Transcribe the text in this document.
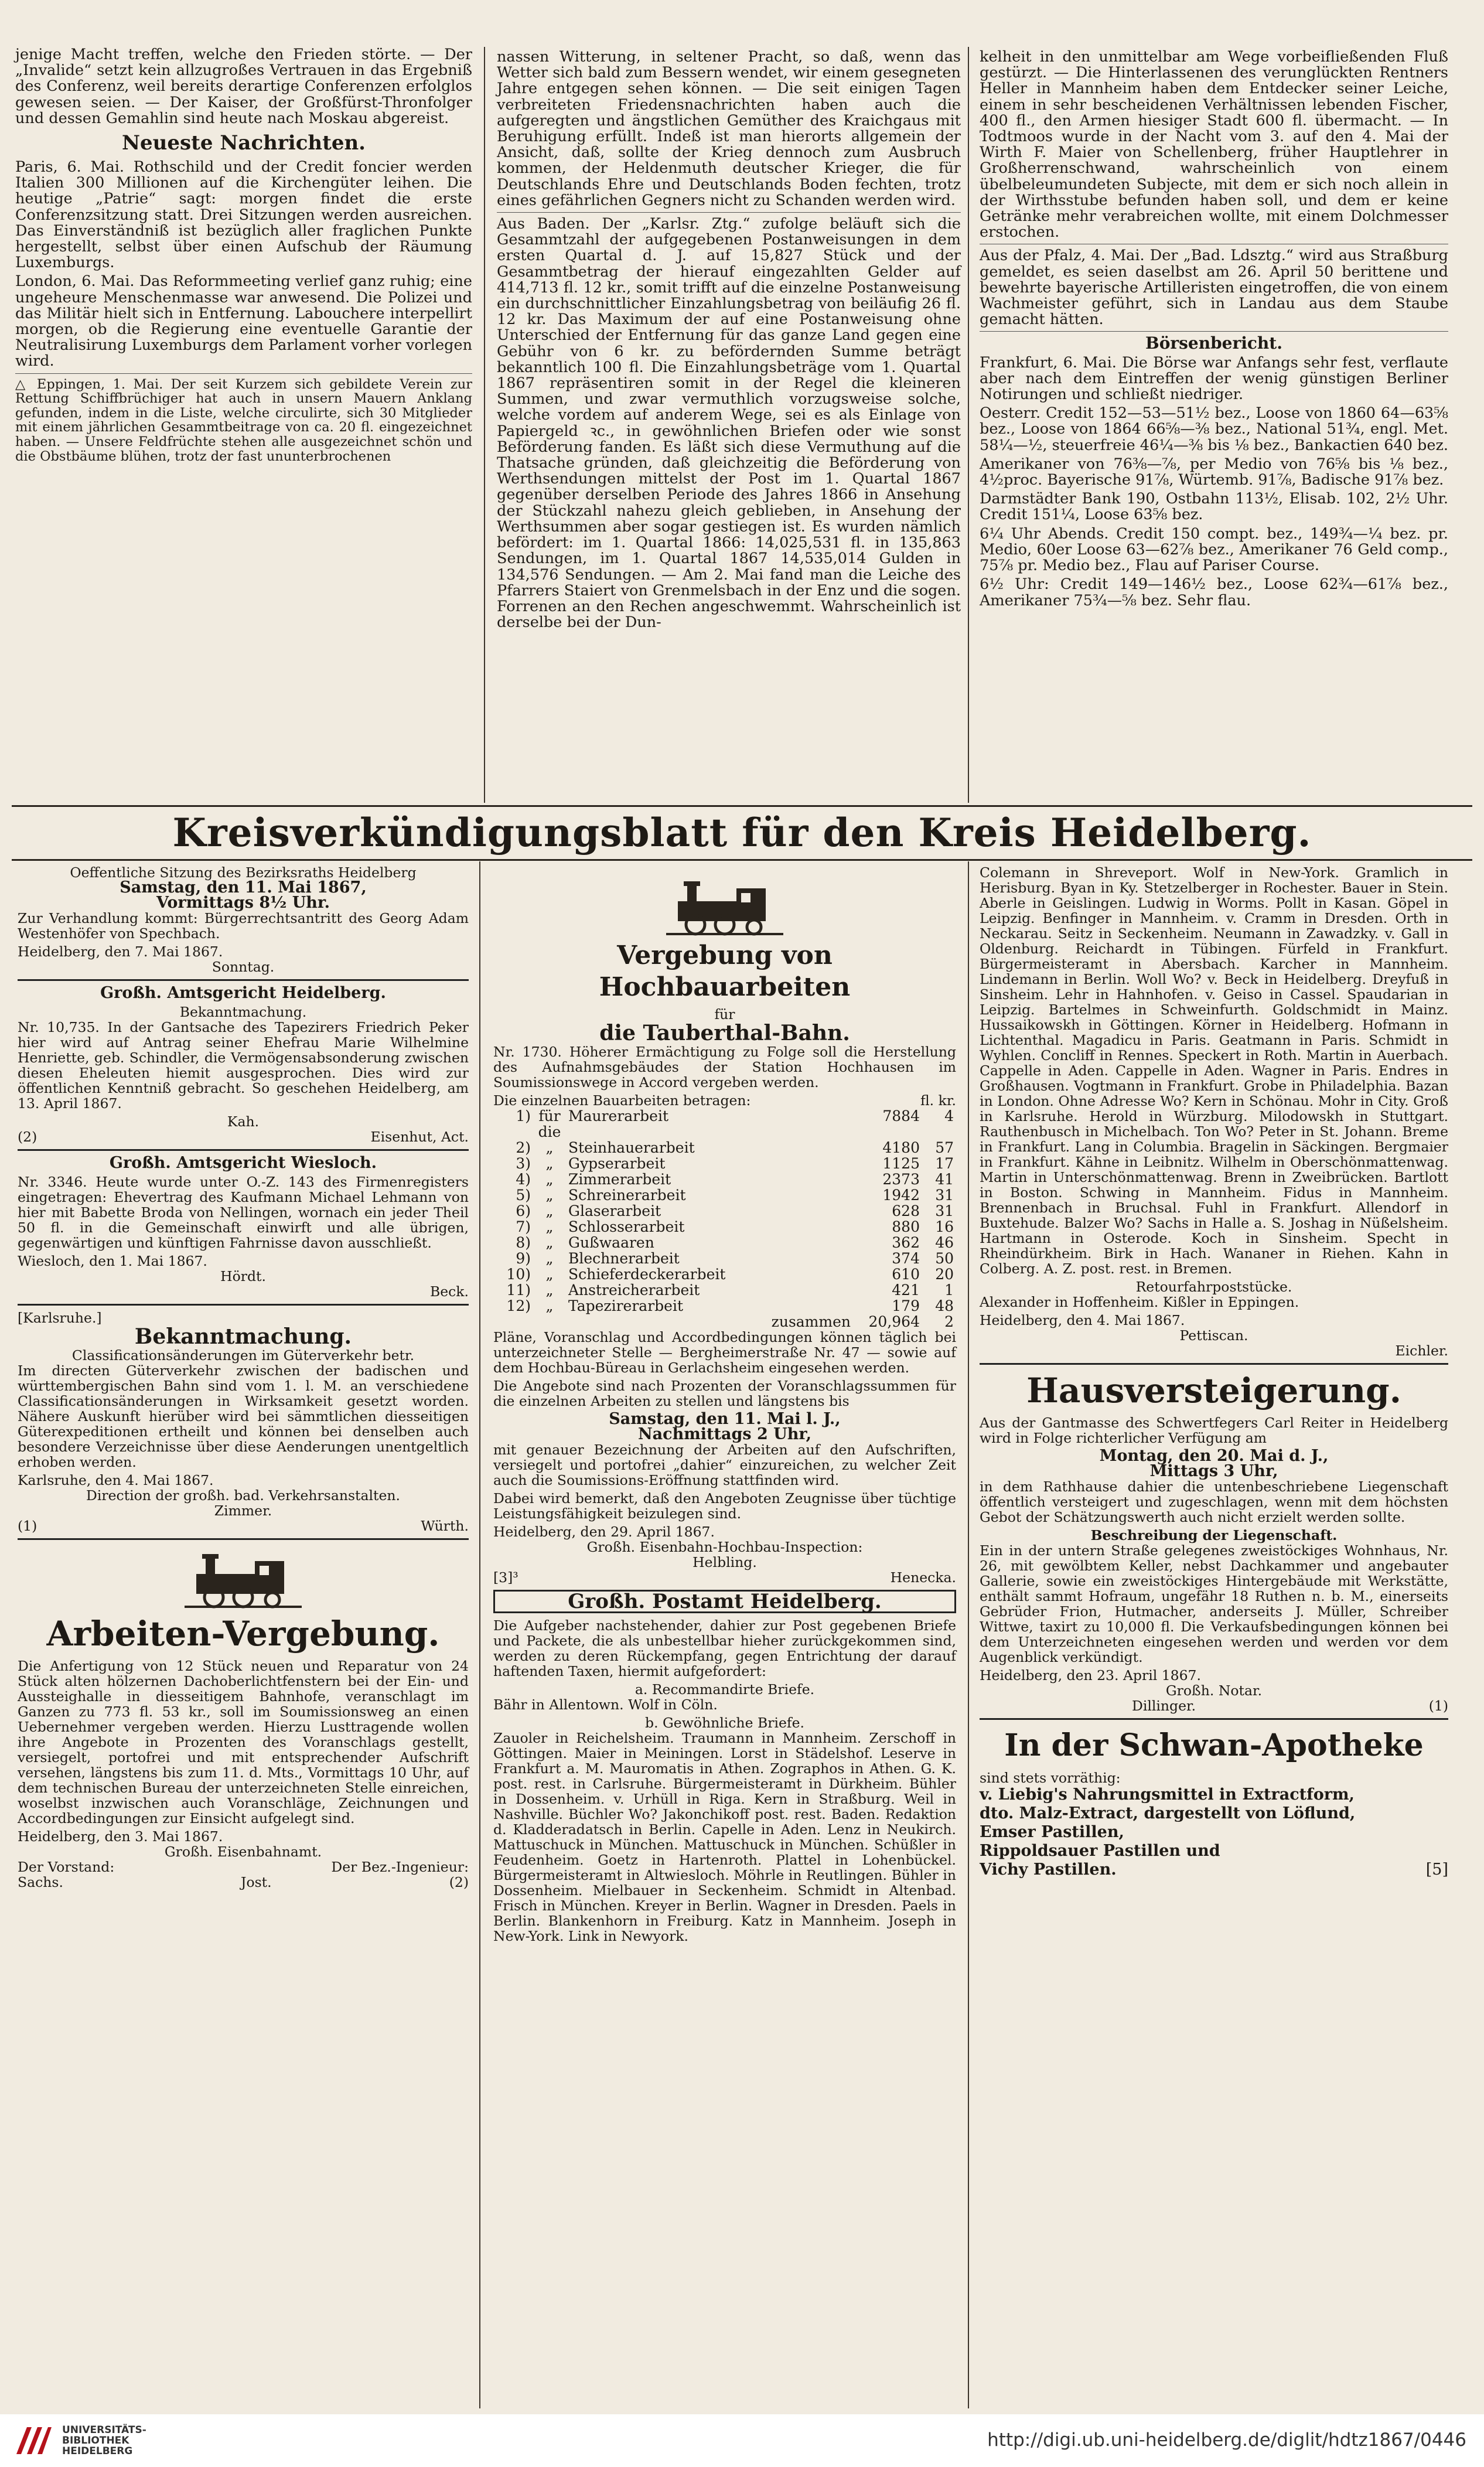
jenige Macht treffen, welche den Frieden störte. — Der „Invalide“ setzt kein allzugroßes Vertrauen in das Ergebniß des Conferenz, weil bereits derartige Conferenzen erfolglos gewesen seien. — Der Kaiser, der Großfürst-Thronfolger und dessen Gemahlin sind heute nach Moskau abgereist.

Neueste Nachrichten.

Paris, 6. Mai. Rothschild und der Credit foncier werden Italien 300 Millionen auf die Kirchengüter leihen. Die heutige „Patrie“ sagt: morgen findet die erste Conferenzsitzung statt. Drei Sitzungen werden ausreichen. Das Einverständniß ist bezüglich aller fraglichen Punkte hergestellt, selbst über einen Aufschub der Räumung Luxemburgs.

London, 6. Mai. Das Reformmeeting verlief ganz ruhig; eine ungeheure Menschenmasse war anwesend. Die Polizei und das Militär hielt sich in Entfernung. Labouchere interpellirt morgen, ob die Regierung eine eventuelle Garantie der Neutralisirung Luxemburgs dem Parlament vorher vorlegen wird.

△ Eppingen, 1. Mai. Der seit Kurzem sich gebildete Verein zur Rettung Schiffbrüchiger hat auch in unsern Mauern Anklang gefunden, indem in die Liste, welche circulirte, sich 30 Mitglieder mit einem jährlichen Gesammtbeitrage von ca. 20 fl. eingezeichnet haben. — Unsere Feldfrüchte stehen alle ausgezeichnet schön und die Obstbäume blühen, trotz der fast ununterbrochenen

nassen Witterung, in seltener Pracht, so daß, wenn das Wetter sich bald zum Bessern wendet, wir einem gesegneten Jahre entgegen sehen können. — Die seit einigen Tagen verbreiteten Friedensnachrichten haben auch die aufgeregten und ängstlichen Gemüther des Kraichgaus mit Beruhigung erfüllt. Indeß ist man hierorts allgemein der Ansicht, daß, sollte der Krieg dennoch zum Ausbruch kommen, der Heldenmuth deutscher Krieger, die für Deutschlands Ehre und Deutschlands Boden fechten, trotz eines gefährlichen Gegners nicht zu Schanden werden wird.

Aus Baden. Der „Karlsr. Ztg.“ zufolge beläuft sich die Gesammtzahl der aufgegebenen Postanweisungen in dem ersten Quartal d. J. auf 15,827 Stück und der Gesammtbetrag der hierauf eingezahlten Gelder auf 414,713 fl. 12 kr., somit trifft auf die einzelne Postanweisung ein durchschnittlicher Einzahlungsbetrag von beiläufig 26 fl. 12 kr. Das Maximum der auf eine Postanweisung ohne Unterschied der Entfernung für das ganze Land gegen eine Gebühr von 6 kr. zu befördernden Summe beträgt bekanntlich 100 fl. Die Einzahlungsbeträge vom 1. Quartal 1867 repräsentiren somit in der Regel die kleineren Summen, und zwar vermuthlich vorzugsweise solche, welche vordem auf anderem Wege, sei es als Einlage von Papiergeld ꝛc., in gewöhnlichen Briefen oder wie sonst Beförderung fanden. Es läßt sich diese Vermuthung auf die Thatsache gründen, daß gleichzeitig die Beförderung von Werthsendungen mittelst der Post im 1. Quartal 1867 gegenüber derselben Periode des Jahres 1866 in Ansehung der Stückzahl nahezu gleich geblieben, in Ansehung der Werthsummen aber sogar gestiegen ist. Es wurden nämlich befördert: im 1. Quartal 1866: 14,025,531 fl. in 135,863 Sendungen, im 1. Quartal 1867 14,535,014 Gulden in 134,576 Sendungen. — Am 2. Mai fand man die Leiche des Pfarrers Staiert von Grenmelsbach in der Enz und die sogen. Forrenen an den Rechen angeschwemmt. Wahrscheinlich ist derselbe bei der Dun-

kelheit in den unmittelbar am Wege vorbeifließenden Fluß gestürzt. — Die Hinterlassenen des verunglückten Rentners Heller in Mannheim haben dem Entdecker seiner Leiche, einem in sehr bescheidenen Verhältnissen lebenden Fischer, 400 fl., den Armen hiesiger Stadt 600 fl. übermacht. — In Todtmoos wurde in der Nacht vom 3. auf den 4. Mai der Wirth F. Maier von Schellenberg, früher Hauptlehrer in Großherrenschwand, wahrscheinlich von einem übelbeleumundeten Subjecte, mit dem er sich noch allein in der Wirthsstube befunden haben soll, und dem er keine Getränke mehr verabreichen wollte, mit einem Dolchmesser erstochen.

Aus der Pfalz, 4. Mai. Der „Bad. Ldsztg.“ wird aus Straßburg gemeldet, es seien daselbst am 26. April 50 berittene und bewehrte bayerische Artilleristen eingetroffen, die von einem Wachmeister geführt, sich in Landau aus dem Staube gemacht hätten.

Börsenbericht.

Frankfurt, 6. Mai. Die Börse war Anfangs sehr fest, verflaute aber nach dem Eintreffen der wenig günstigen Berliner Notirungen und schließt niedriger.

Oesterr. Credit 152—53—51½ bez., Loose von 1860 64—63⅝ bez., Loose von 1864 66⅝—⅜ bez., National 51¾, engl. Met. 58¼—½, steuerfreie 46¼—⅜ bis ⅛ bez., Bankactien 640 bez.

Amerikaner von 76⅜—⅞, per Medio von 76⅝ bis ⅛ bez., 4½proc. Bayerische 91⅞, Würtemb. 91⅞, Badische 91⅞ bez.

Darmstädter Bank 190, Ostbahn 113½, Elisab. 102, 2½ Uhr. Credit 151¼, Loose 63⅝ bez.

6¼ Uhr Abends. Credit 150 compt. bez., 149¾—¼ bez. pr. Medio, 60er Loose 63—62⅞ bez., Amerikaner 76 Geld comp., 75⅞ pr. Medio bez., Flau auf Pariser Course.

6½ Uhr: Credit 149—146½ bez., Loose 62¾—61⅞ bez., Amerikaner 75¾—⅝ bez. Sehr flau.

Kreisverkündigungsblatt für den Kreis Heidelberg.
Oeffentliche Sitzung des Bezirksraths Heidelberg
Samstag, den 11. Mai 1867,
Vormittags 8½ Uhr.

Zur Verhandlung kommt: Bürgerrechtsantritt des Georg Adam Westenhöfer von Spechbach.

Heidelberg, den 7. Mai 1867.
Sonntag.
Großh. Amtsgericht Heidelberg.
Bekanntmachung.

Nr. 10,735. In der Gantsache des Tapezirers Friedrich Peker hier wird auf Antrag seiner Ehefrau Marie Wilhelmine Henriette, geb. Schindler, die Vermögensabsonderung zwischen diesen Eheleuten hiemit ausgesprochen. Dies wird zur öffentlichen Kenntniß gebracht. So geschehen Heidelberg, am 13. April 1867.

Kah.
(2)	Eisenhut, Act.
Großh. Amtsgericht Wiesloch.

Nr. 3346. Heute wurde unter O.-Z. 143 des Firmenregisters eingetragen: Ehevertrag des Kaufmann Michael Lehmann von hier mit Babette Broda von Nellingen, wornach ein jeder Theil 50 fl. in die Gemeinschaft einwirft und alle übrigen, gegenwärtigen und künftigen Fahrnisse davon ausschließt.

Wiesloch, den 1. Mai 1867.
Hördt.
Beck.
[Karlsruhe.]
Bekanntmachung.
Classificationsänderungen im Güterverkehr betr.

Im directen Güterverkehr zwischen der badischen und württembergischen Bahn sind vom 1. l. M. an verschiedene Classificationsänderungen in Wirksamkeit gesetzt worden. Nähere Auskunft hierüber wird bei sämmtlichen diesseitigen Güterexpeditionen ertheilt und können bei denselben auch besondere Verzeichnisse über diese Aenderungen unentgeltlich erhoben werden.

Karlsruhe, den 4. Mai 1867.
Direction der großh. bad. Verkehrsanstalten.
Zimmer.
(1)	Würth.
Arbeiten-Vergebung.

Die Anfertigung von 12 Stück neuen und Reparatur von 24 Stück alten hölzernen Dachoberlichtfenstern bei der Ein- und Aussteighalle in diesseitigem Bahnhofe, veranschlagt im Ganzen zu 773 fl. 53 kr., soll im Soumissionsweg an einen Uebernehmer vergeben werden. Hierzu Lusttragende wollen ihre Angebote in Prozenten des Voranschlags gestellt, versiegelt, portofrei und mit entsprechender Aufschrift versehen, längstens bis zum 11. d. Mts., Vormittags 10 Uhr, auf dem technischen Bureau der unterzeichneten Stelle einreichen, woselbst inzwischen auch Voranschläge, Zeichnungen und Accordbedingungen zur Einsicht aufgelegt sind.

Heidelberg, den 3. Mai 1867.
Großh. Eisenbahnamt.
Der Vorstand:	Der Bez.-Ingenieur:
Sachs.	Jost.	(2)
Vergebung von Hochbauarbeiten
für
die Tauberthal-Bahn.

Nr. 1730. Höherer Ermächtigung zu Folge soll die Herstellung des Aufnahmsgebäudes der Station Hochhausen im Soumissionswege in Accord vergeben werden.

Die einzelnen Bauarbeiten betragen:	fl. kr.
1)	für die	Maurerarbeit	7884	4
2)	„	Steinhauerarbeit	4180	57
3)	„	Gypserarbeit	1125	17
4)	„	Zimmerarbeit	2373	41
5)	„	Schreinerarbeit	1942	31
6)	„	Glaserarbeit	628	31
7)	„	Schlosserarbeit	880	16
8)	„	Gußwaaren	362	46
9)	„	Blechnerarbeit	374	50
10)	„	Schieferdeckerarbeit	610	20
11)	„	Anstreicherarbeit	421	1
12)	„	Tapezirerarbeit	179	48
		zusammen	20,964	2

Pläne, Voranschlag und Accordbedingungen können täglich bei unterzeichneter Stelle — Bergheimerstraße Nr. 47 — sowie auf dem Hochbau-Büreau in Gerlachsheim eingesehen werden.

Die Angebote sind nach Prozenten der Voranschlagssummen für die einzelnen Arbeiten zu stellen und längstens bis

Samstag, den 11. Mai l. J.,
Nachmittags 2 Uhr,

mit genauer Bezeichnung der Arbeiten auf den Aufschriften, versiegelt und portofrei „dahier“ einzureichen, zu welcher Zeit auch die Soumissions-Eröffnung stattfinden wird.

Dabei wird bemerkt, daß den Angeboten Zeugnisse über tüchtige Leistungsfähigkeit beizulegen sind.

Heidelberg, den 29. April 1867.
Großh. Eisenbahn-Hochbau-Inspection:
Helbling.
[3]³	Henecka.
Großh. Postamt Heidelberg.

Die Aufgeber nachstehender, dahier zur Post gegebenen Briefe und Packete, die als unbestellbar hieher zurückgekommen sind, werden zu deren Rückempfang, gegen Entrichtung der darauf haftenden Taxen, hiermit aufgefordert:

a. Recommandirte Briefe.

Bähr in Allentown. Wolf in Cöln.

b. Gewöhnliche Briefe.

Zauoler in Reichelsheim. Traumann in Mannheim. Zerschoff in Göttingen. Maier in Meiningen. Lorst in Städelshof. Leserve in Frankfurt a. M. Mauromatis in Athen. Zographos in Athen. G. K. post. rest. in Carlsruhe. Bürgermeisteramt in Dürkheim. Bühler in Dossenheim. v. Urhüll in Riga. Kern in Straßburg. Weil in Nashville. Büchler Wo? Jakonchikoff post. rest. Baden. Redaktion d. Kladderadatsch in Berlin. Capelle in Aden. Lenz in Neukirch. Mattuschuck in München. Mattuschuck in München. Schüßler in Feudenheim. Goetz in Hartenroth. Plattel in Lohenbückel. Bürgermeisteramt in Altwiesloch. Möhrle in Reutlingen. Bühler in Dossenheim. Mielbauer in Seckenheim. Schmidt in Altenbad. Frisch in München. Kreyer in Berlin. Wagner in Dresden. Paels in Berlin. Blankenhorn in Freiburg. Katz in Mannheim. Joseph in New-York. Link in Newyork.

Colemann in Shreveport. Wolf in New-York. Gramlich in Herisburg. Byan in Ky. Stetzelberger in Rochester. Bauer in Stein. Aberle in Geislingen. Ludwig in Worms. Pollt in Kasan. Göpel in Leipzig. Benfinger in Mannheim. v. Cramm in Dresden. Orth in Neckarau. Seitz in Seckenheim. Neumann in Zawadzky. v. Gall in Oldenburg. Reichardt in Tübingen. Fürfeld in Frankfurt. Bürgermeisteramt in Abersbach. Karcher in Mannheim. Lindemann in Berlin. Woll Wo? v. Beck in Heidelberg. Dreyfuß in Sinsheim. Lehr in Hahnhofen. v. Geiso in Cassel. Spaudarian in Leipzig. Bartelmes in Schweinfurth. Goldschmidt in Mainz. Hussaikowskh in Göttingen. Körner in Heidelberg. Hofmann in Lichtenthal. Magadicu in Paris. Geatmann in Paris. Schmidt in Wyhlen. Concliff in Rennes. Speckert in Roth. Martin in Auerbach. Cappelle in Aden. Cappelle in Aden. Wagner in Paris. Endres in Großhausen. Vogtmann in Frankfurt. Grobe in Philadelphia. Bazan in London. Ohne Adresse Wo? Kern in Schönau. Mohr in City. Groß in Karlsruhe. Herold in Würzburg. Milodowskh in Stuttgart. Rauthenbusch in Michelbach. Ton Wo? Peter in St. Johann. Breme in Frankfurt. Lang in Columbia. Bragelin in Säckingen. Bergmaier in Frankfurt. Kähne in Leibnitz. Wilhelm in Oberschönmattenwag. Martin in Unterschönmattenwag. Brenn in Zweibrücken. Bartlott in Boston. Schwing in Mannheim. Fidus in Mannheim. Brennenbach in Bruchsal. Fuhl in Frankfurt. Allendorf in Buxtehude. Balzer Wo? Sachs in Halle a. S. Joshag in Nüßelsheim. Hartmann in Osterode. Koch in Sinsheim. Specht in Rheindürkheim. Birk in Hach. Wananer in Riehen. Kahn in Colberg. A. Z. post. rest. in Bremen.

Retourfahrpoststücke.

Alexander in Hoffenheim. Kißler in Eppingen.

Heidelberg, den 4. Mai 1867.
Pettiscan.
Eichler.
Hausversteigerung.

Aus der Gantmasse des Schwertfegers Carl Reiter in Heidelberg wird in Folge richterlicher Verfügung am

Montag, den 20. Mai d. J.,
Mittags 3 Uhr,

in dem Rathhause dahier die untenbeschriebene Liegenschaft öffentlich versteigert und zugeschlagen, wenn mit dem höchsten Gebot der Schätzungswerth auch nicht erzielt werden sollte.

Beschreibung der Liegenschaft.

Ein in der untern Straße gelegenes zweistöckiges Wohnhaus, Nr. 26, mit gewölbtem Keller, nebst Dachkammer und angebauter Gallerie, sowie ein zweistöckiges Hintergebäude mit Werkstätte, enthält sammt Hofraum, ungefähr 18 Ruthen n. b. M., einerseits Gebrüder Frion, Hutmacher, anderseits J. Müller, Schreiber Wittwe, taxirt zu 10,000 fl. Die Verkaufsbedingungen können bei dem Unterzeichneten eingesehen werden und werden vor dem Augenblick verkündigt.

Heidelberg, den 23. April 1867.
Großh. Notar.
Dillinger.	(1)
In der Schwan-Apotheke
sind stets vorräthig:
v. Liebig's Nahrungsmittel in Extractform,
dto. Malz-Extract, dargestellt von Löflund,
Emser Pastillen,
Rippoldsauer Pastillen und
Vichy Pastillen.	[5]
UNIVERSITÄTS-
BIBLIOTHEK
HEIDELBERG
http://digi.ub.uni-heidelberg.de/diglit/hdtz1867/0446
